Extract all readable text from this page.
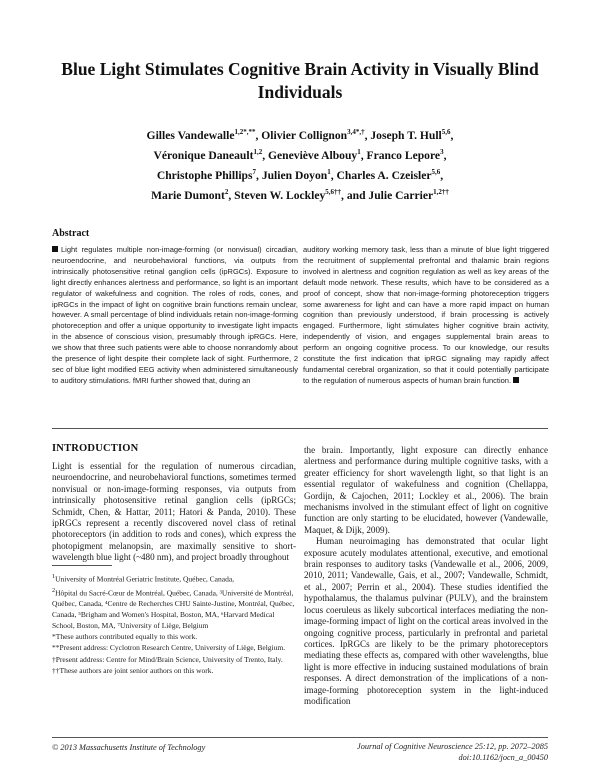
Blue Light Stimulates Cognitive Brain Activity in Visually Blind Individuals
Gilles Vandewalle$^{1,2*,**}$, Olivier Collignon$^{3,4*,\dagger}$, Joseph T. Hull$^{5,6}$,
Véronique Daneault$^{1,2}$, Geneviève Albouy$^1$, Franco Lepore$^3$,
Christophe Phillips$^7$, Julien Doyon$^1$, Charles A. Czeisler$^{5,6}$,
Marie Dumont$^2$, Steven W. Lockley$^{5,6\dagger\dagger}$, and Julie Carrier$^{1,2\dagger\dagger}$
Abstract
Light regulates multiple non-image-forming (or nonvisual) circadian, neuroendocrine, and neurobehavioral functions, via outputs from intrinsically photosensitive retinal ganglion cells (ipRGCs). Exposure to light directly enhances alertness and performance, so light is an important regulator of wakefulness and cognition. The roles of rods, cones, and ipRGCs in the impact of light on cognitive brain functions remain unclear, however. A small percentage of blind individuals retain non-image-forming photoreception and offer a unique opportunity to investigate light impacts in the absence of conscious vision, presumably through ipRGCs. Here, we show that three such patients were able to choose nonrandomly about the presence of light despite their complete lack of sight. Furthermore, 2 sec of blue light modified EEG activity when administered simultaneously to auditory stimulations. fMRI further showed that, during an
auditory working memory task, less than a minute of blue light triggered the recruitment of supplemental prefrontal and thalamic brain regions involved in alertness and cognition regulation as well as key areas of the default mode network. These results, which have to be considered as a proof of concept, show that non-image-forming photoreception triggers some awareness for light and can have a more rapid impact on human cognition than previously understood, if brain processing is actively engaged. Furthermore, light stimulates higher cognitive brain activity, independently of vision, and engages supplemental brain areas to perform an ongoing cognitive process. To our knowledge, our results constitute the first indication that ipRGC signaling may rapidly affect fundamental cerebral organization, so that it could potentially participate to the regulation of numerous aspects of human brain function.
INTRODUCTION

Light is essential for the regulation of numerous circadian, neuroendocrine, and neurobehavioral functions, sometimes termed nonvisual or non-image-forming responses, via outputs from intrinsically photosensitive retinal ganglion cells (ipRGCs; Schmidt, Chen, & Hattar, 2011; Hatori & Panda, 2010). These ipRGCs represent a recently discovered novel class of retinal photoreceptors (in addition to rods and cones), which express the photopigment melanopsin, are maximally sensitive to short-wavelength blue light (~480 nm), and project broadly throughout

the brain. Importantly, light exposure can directly enhance alertness and performance during multiple cognitive tasks, with a greater efficiency for short wavelength light, so that light is an essential regulator of wakefulness and cognition (Chellappa, Gordijn, & Cajochen, 2011; Lockley et al., 2006). The brain mechanisms involved in the stimulant effect of light on cognitive function are only starting to be elucidated, however (Vandewalle, Maquet, & Dijk, 2009).

Human neuroimaging has demonstrated that ocular light exposure acutely modulates attentional, executive, and emotional brain responses to auditory tasks (Vandewalle et al., 2006, 2009, 2010, 2011; Vandewalle, Gais, et al., 2007; Vandewalle, Schmidt, et al., 2007; Perrin et al., 2004). These studies identified the hypothalamus, the thalamus pulvinar (PULV), and the brainstem locus coeruleus as likely subcortical interfaces mediating the non-image-forming impact of light on the cortical areas involved in the ongoing cognitive process, particularly in prefrontal and parietal cortices. IpRGCs are likely to be the primary photoreceptors mediating these effects as, compared with other wavelengths, blue light is more effective in inducing sustained modulations of brain responses. A direct demonstration of the implications of a non-image-forming photoreception system in the light-induced modification

$^1$University of Montréal Geriatric Institute, Québec, Canada,
$^2$Hôpital du Sacré-Cœur de Montréal, Québec, Canada, ³Université de Montréal, Québec, Canada, ⁴Centre de Recherches CHU Sainte-Justine, Montréal, Québec, Canada, ⁵Brigham and Women's Hospital, Boston, MA, ⁶Harvard Medical School, Boston, MA, ⁷University of Liège, Belgium
*These authors contributed equally to this work.
**Present address: Cyclotron Research Centre, University of Liège, Belgium.
†Present address: Centre for Mind/Brain Science, University of Trento, Italy.
††These authors are joint senior authors on this work.
© 2013 Massachusetts Institute of Technology	Journal of Cognitive Neuroscience 25:12, pp. 2072–2085
doi:10.1162/jocn_a_00450
